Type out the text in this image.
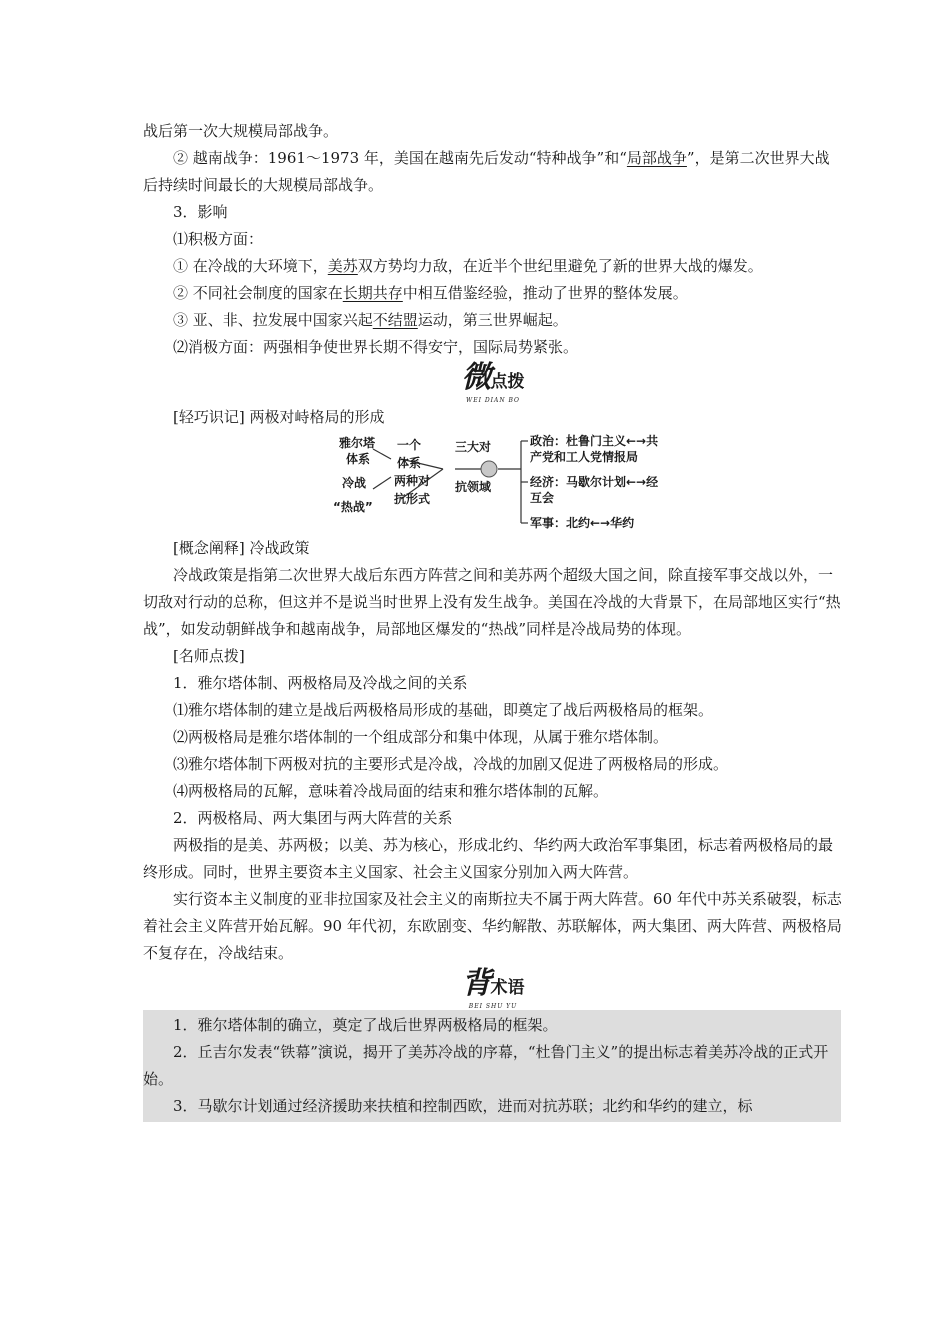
战后第一次大规模局部战争。

② 越南战争：1961～1973 年，美国在越南先后发动“特种战争”和“局部战争”，是第二次世界大战后持续时间最长的大规模局部战争。

3．影响

⑴积极方面：

① 在冷战的大环境下，美苏双方势均力敌，在近半个世纪里避免了新的世界大战的爆发。

② 不同社会制度的国家在长期共存中相互借鉴经验，推动了世界的整体发展。

③ 亚、非、拉发展中国家兴起不结盟运动，第三世界崛起。

⑵消极方面：两强相争使世界长期不得安宁，国际局势紧张。

微点拨
WEI DIAN BO

[轻巧识记] 两极对峙格局的形成

雅尔塔
体系
冷战
“热战”
一个
体系
两种对
抗形式
三大对
抗领域
政治：杜鲁门主义←→共
产党和工人党情报局
经济：马歇尔计划←→经
互会
军事：北约←→华约

[概念阐释] 冷战政策

冷战政策是指第二次世界大战后东西方阵营之间和美苏两个超级大国之间，除直接军事交战以外，一切敌对行动的总称，但这并不是说当时世界上没有发生战争。美国在冷战的大背景下，在局部地区实行“热战”，如发动朝鲜战争和越南战争，局部地区爆发的“热战”同样是冷战局势的体现。

[名师点拨]

1．雅尔塔体制、两极格局及冷战之间的关系

⑴雅尔塔体制的建立是战后两极格局形成的基础，即奠定了战后两极格局的框架。

⑵两极格局是雅尔塔体制的一个组成部分和集中体现，从属于雅尔塔体制。

⑶雅尔塔体制下两极对抗的主要形式是冷战，冷战的加剧又促进了两极格局的形成。

⑷两极格局的瓦解，意味着冷战局面的结束和雅尔塔体制的瓦解。

2．两极格局、两大集团与两大阵营的关系

两极指的是美、苏两极；以美、苏为核心，形成北约、华约两大政治军事集团，标志着两极格局的最终形成。同时，世界主要资本主义国家、社会主义国家分别加入两大阵营。

实行资本主义制度的亚非拉国家及社会主义的南斯拉夫不属于两大阵营。60 年代中苏关系破裂，标志着社会主义阵营开始瓦解。90 年代初，东欧剧变、华约解散、苏联解体，两大集团、两大阵营、两极格局不复存在，冷战结束。

背术语
BEI SHU YU

1．雅尔塔体制的确立，奠定了战后世界两极格局的框架。

2．丘吉尔发表“铁幕”演说，揭开了美苏冷战的序幕，“杜鲁门主义”的提出标志着美苏冷战的正式开始。

3．马歇尔计划通过经济援助来扶植和控制西欧，进而对抗苏联；北约和华约的建立，标
